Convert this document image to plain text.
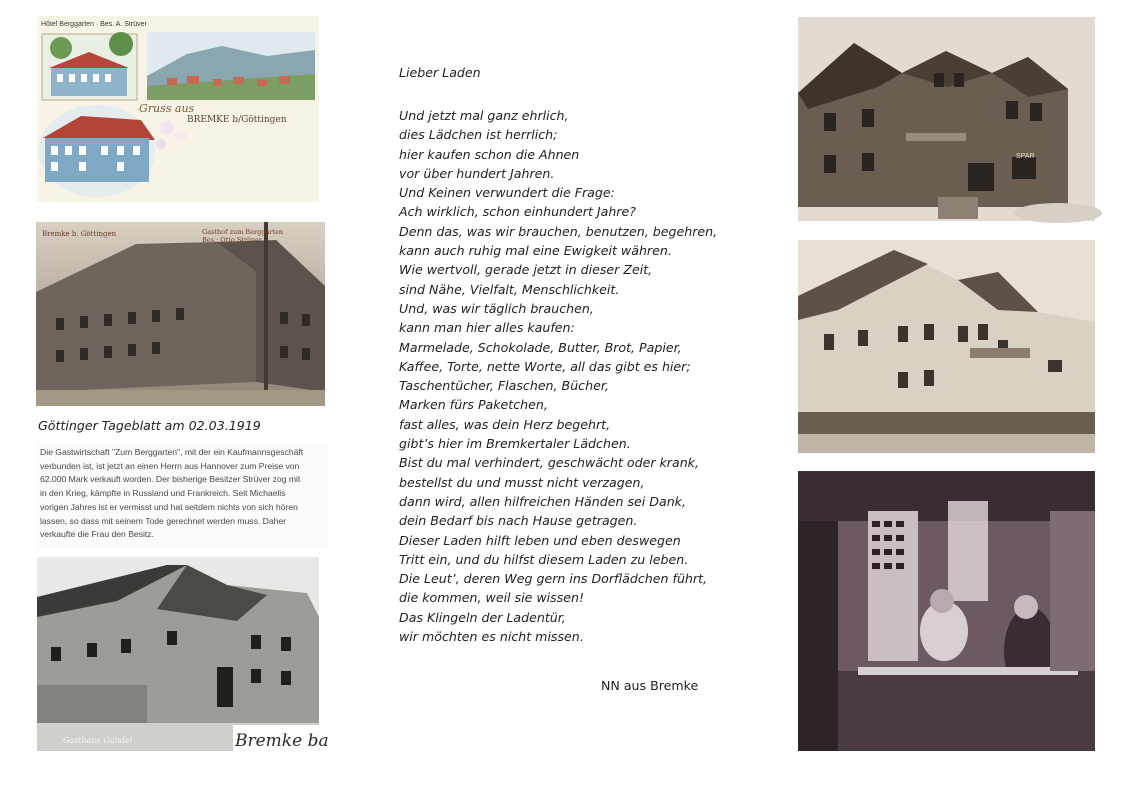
Hôtel Berggarten · Bes. A. Strüver
Gruss aus
BREMKE b/Göttingen
Bremke b. Göttingen	Gasthof zum Berggarten
Bes.: Otto Strüver
Göttinger Tageblatt am 02.03.1919
Die Gastwirtschaft "Zum Berggarten", mit der ein Kaufmannsgeschäft
verbunden ist, ist jetzt an einen Herrn aus Hannover zum Preise von
62.000 Mark verkauft worden. Der bisherige Besitzer Strüver zog mit
in den Krieg, kämpfte in Russland und Frankreich. Seit Michaelis
vorigen Jahres ist er vermisst und hat seitdem nichts von sich hören
lassen, so dass mit seinem Tode gerechnet werden muss. Daher
verkaufte die Frau den Besitz.
Gasthaus Gundel	Bremke ba
Lieber Laden
Und jetzt mal ganz ehrlich,
dies Lädchen ist herrlich;
hier kaufen schon die Ahnen
vor über hundert Jahren.
Und Keinen verwundert die Frage:
Ach wirklich, schon einhundert Jahre?
Denn das, was wir brauchen, benutzen, begehren,
kann auch ruhig mal eine Ewigkeit währen.
Wie wertvoll, gerade jetzt in dieser Zeit,
sind Nähe, Vielfalt, Menschlichkeit.
Und, was wir täglich brauchen,
kann man hier alles kaufen:
Marmelade, Schokolade, Butter, Brot, Papier,
Kaffee, Torte, nette Worte, all das gibt es hier;
Taschentücher, Flaschen, Bücher,
Marken fürs Paketchen,
fast alles, was dein Herz begehrt,
gibt’s hier im Bremkertaler Lädchen.
Bist du mal verhindert, geschwächt oder krank,
bestellst du und musst nicht verzagen,
dann wird, allen hilfreichen Händen sei Dank,
dein Bedarf bis nach Hause getragen.
Dieser Laden hilft leben und eben deswegen
Tritt ein, und du hilfst diesem Laden zu leben.
Die Leut’, deren Weg gern ins Dorflädchen führt,
die kommen, weil sie wissen!
Das Klingeln der Ladentür,
wir möchten es nicht missen.
NN aus Bremke
SPAR
